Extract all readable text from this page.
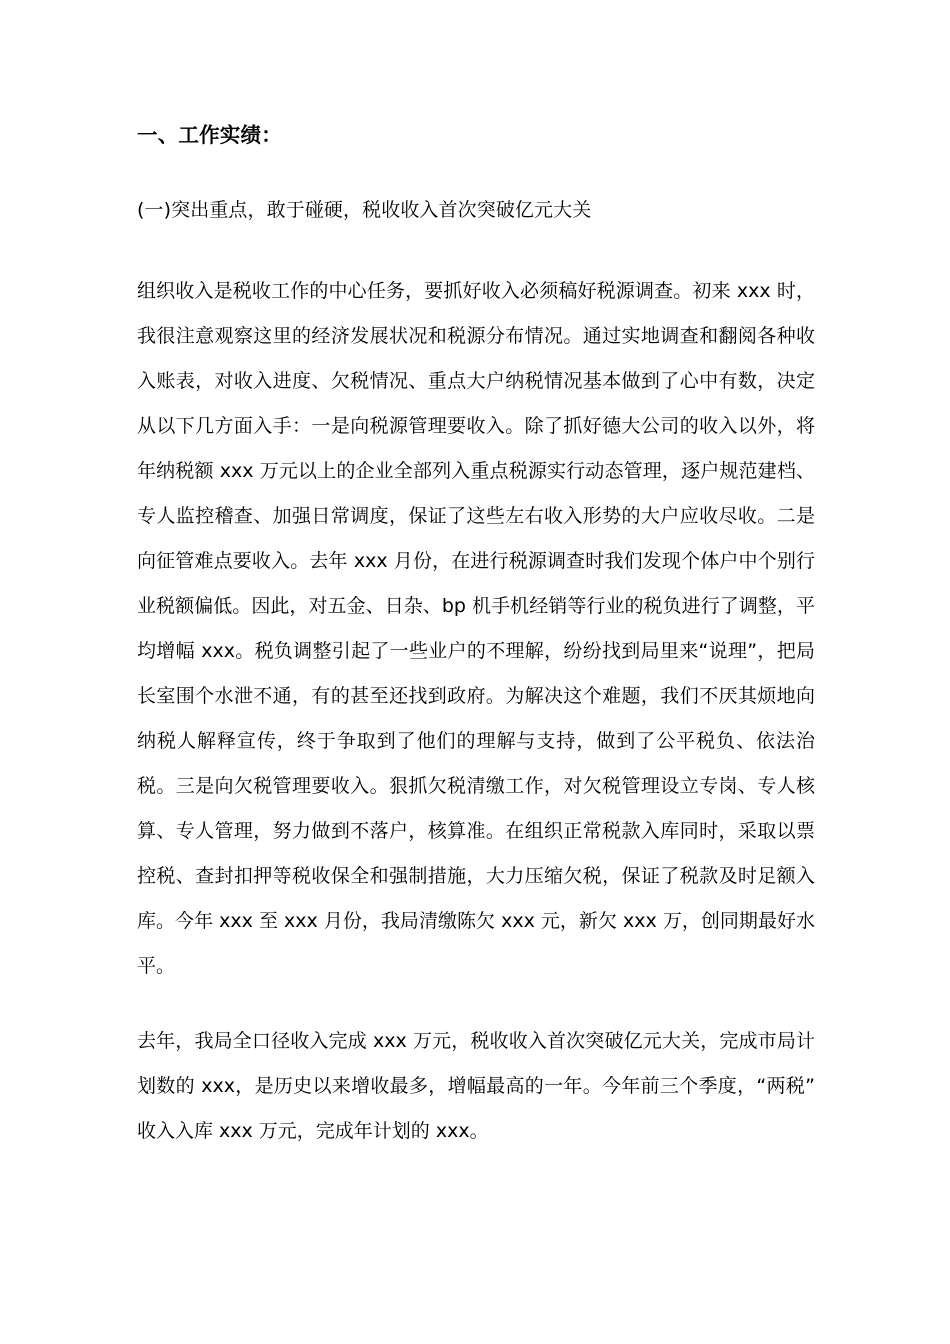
一、工作实绩：
(一)突出重点，敢于碰硬，税收收入首次突破亿元大关

组织收入是税收工作的中心任务，要抓好收入必须稿好税源调查。初来 xxx 时，我很注意观察这里的经济发展状况和税源分布情况。通过实地调查和翻阅各种收入账表，对收入进度、欠税情况、重点大户纳税情况基本做到了心中有数，决定从以下几方面入手：一是向税源管理要收入。除了抓好德大公司的收入以外，将年纳税额 xxx 万元以上的企业全部列入重点税源实行动态管理，逐户规范建档、专人监控稽查、加强日常调度，保证了这些左右收入形势的大户应收尽收。二是向征管难点要收入。去年 xxx 月份，在进行税源调查时我们发现个体户中个别行业税额偏低。因此，对五金、日杂、bp 机手机经销等行业的税负进行了调整，平均增幅 xxx。税负调整引起了一些业户的不理解，纷纷找到局里来“说理”，把局长室围个水泄不通，有的甚至还找到政府。为解决这个难题，我们不厌其烦地向纳税人解释宣传，终于争取到了他们的理解与支持，做到了公平税负、依法治税。三是向欠税管理要收入。狠抓欠税清缴工作，对欠税管理设立专岗、专人核算、专人管理，努力做到不落户，核算准。在组织正常税款入库同时，采取以票控税、查封扣押等税收保全和强制措施，大力压缩欠税，保证了税款及时足额入库。今年 xxx 至 xxx 月份，我局清缴陈欠 xxx 元，新欠 xxx 万，创同期最好水平。

去年，我局全口径收入完成 xxx 万元，税收收入首次突破亿元大关，完成市局计划数的 xxx，是历史以来增收最多，增幅最高的一年。今年前三个季度，“两税”收入入库 xxx 万元，完成年计划的 xxx。
